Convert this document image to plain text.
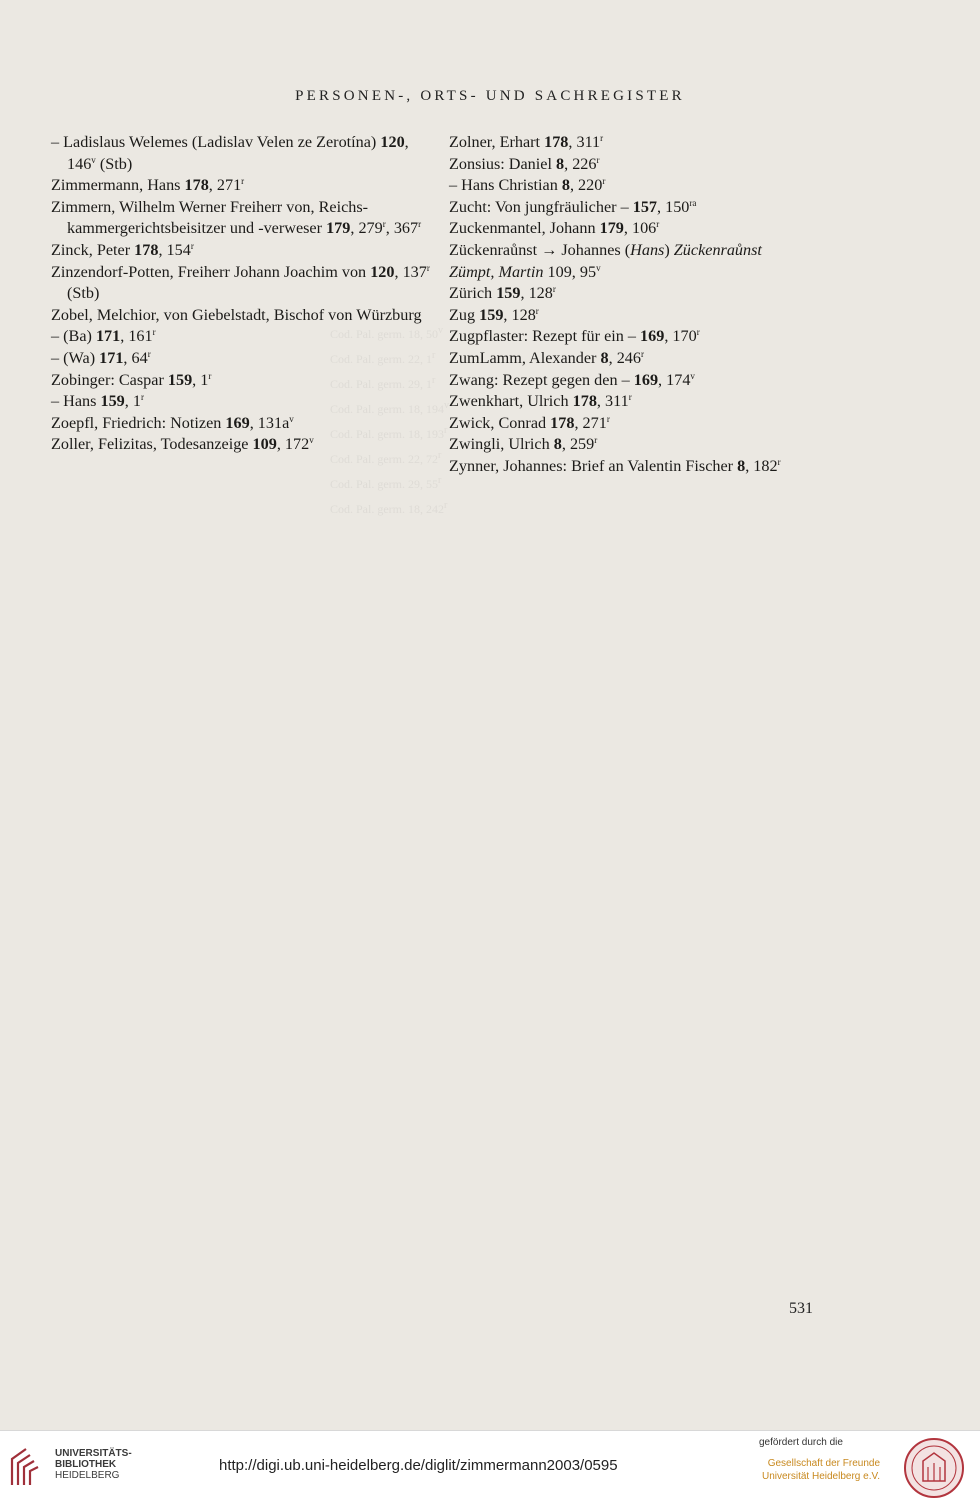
Cod. Pal. germ. 18, 50$^v$
Cod. Pal. germ. 22, 1$^r$
Cod. Pal. germ. 29, 1$^r$
Cod. Pal. germ. 18, 194$^v$
Cod. Pal. germ. 18, 193$^r$
Cod. Pal. germ. 22, 72$^r$
Cod. Pal. germ. 29, 55$^r$
Cod. Pal. germ. 18, 242$^r$
PERSONEN-, ORTS- UND SACHREGISTER

– Ladislaus Welemes (Ladislav Velen ze Zerotína) 120, 146$^v$ (Stb)

Zimmermann, Hans 178, 271$^r$

Zimmern, Wilhelm Werner Freiherr von, Reichs-kammergerichtsbeisitzer und -verweser 179, 279$^r$, 367$^r$

Zinck, Peter 178, 154$^r$

Zinzendorf-Potten, Freiherr Johann Joachim von 120, 137$^r$ (Stb)

Zobel, Melchior, von Giebelstadt, Bischof von Würzburg

– (Ba) 171, 161$^r$

– (Wa) 171, 64$^r$

Zobinger: Caspar 159, 1$^r$

– Hans 159, 1$^r$

Zoepfl, Friedrich: Notizen 169, $131a^v$

Zoller, Felizitas, Todesanzeige 109, 172$^v$

Zolner, Erhart 178, 311$^r$

Zonsius: Daniel 8, 226$^r$

– Hans Christian 8, 220$^r$

Zucht: Von jungfräulicher – 157, $150^{ra}$

Zuckenmantel, Johann 179, 106$^r$

Zückenraůnst → Johannes (Hans) Zückenraůnst

Zümpt, Martin 109, 95$^v$

Zürich 159, 128$^r$

Zug 159, 128$^r$

Zugpflaster: Rezept für ein – 169, 170$^r$

ZumLamm, Alexander 8, 246$^r$

Zwang: Rezept gegen den – 169, 174$^v$

Zwenkhart, Ulrich 178, 311$^r$

Zwick, Conrad 178, 271$^r$

Zwingli, Ulrich 8, 259$^r$

Zynner, Johannes: Brief an Valentin Fischer 8, 182$^r$

531
UNIVERSITÄTS-
BIBLIOTHEK
HEIDELBERG
http://digi.ub.uni-heidelberg.de/diglit/zimmermann2003/0595
gefördert durch die
Gesellschaft der Freunde
Universität Heidelberg e.V.
